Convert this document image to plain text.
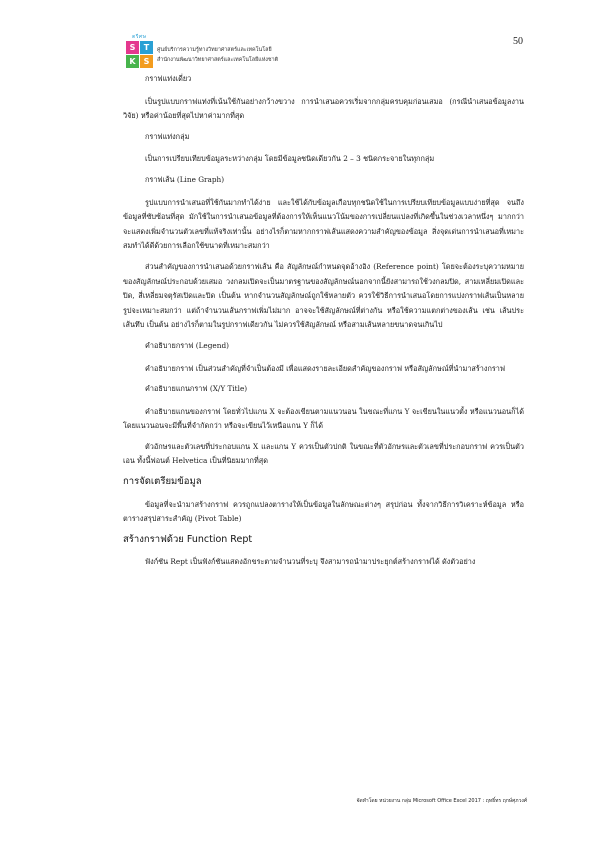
50
ตรีศษ
S	T
K	S
ศูนย์บริการความรู้ทางวิทยาศาสตร์และเทคโนโลยี
สำนักงานพัฒนาวิทยาศาสตร์และเทคโนโลยีแห่งชาติ

กราฟแท่งเดี่ยว

เป็นรูปแบบกราฟแท่งที่เน้นใช้กันอย่างกว้างขวาง การนำเสนอควรเริ่มจากกลุ่มครบคุมก่อนเสมอ (กรณีนำเสนอข้อมูลงานวิจัย) หรือค่าน้อยที่สุดไปหาค่ามากที่สุด

กราฟแท่งกลุ่ม

เป็นการเปรียบเทียบข้อมูลระหว่างกลุ่ม โดยมีข้อมูลชนิดเดียวกัน 2 – 3 ชนิดกระจายในทุกกลุ่ม

กราฟเส้น (Line Graph)

รูปแบบการนำเสนอที่ใช้กันมากทำได้ง่าย และใช้ได้กับข้อมูลเกือบทุกชนิดใช้ในการเปรียบเทียบข้อมูลแบบง่ายที่สุด จนถึงข้อมูลที่ซับซ้อนที่สุด มักใช้ในการนำเสนอข้อมูลที่ต้องการให้เห็นแนวโน้มของการเปลี่ยนแปลงที่เกิดขึ้นในช่วงเวลาหนึ่งๆ มากกว่าจะแสดงเพิ่มจำนวนตัวเลขที่แท้จริงเท่านั้น อย่างไรก็ตามหากกราฟเส้นแสดงความสำคัญของข้อมูล สิ่งจุดเด่นการนำเสนอที่เหมาะสมทำได้ดีด้วยการเลือกใช้ขนาดที่เหมาะสมกว่า

ส่วนสำคัญของการนำเสนอด้วยกราฟเส้น คือ สัญลักษณ์กำหนดจุดอ้างอิง (Reference point) โดยจะต้องระบุความหมายของสัญลักษณ์ประกอบด้วยเสมอ วงกลมเปิดจะเป็นมาตรฐานของสัญลักษณ์นอกจากนี้ยังสามารถใช้วงกลมปิด, สามเหลี่ยมเปิดและปิด, สี่เหลี่ยมจตุรัสเปิดและปิด เป็นต้น หากจำนวนสัญลักษณ์ถูกใช้หลายตัว ควรใช้วิธีการนำเสนอโดยการแบ่งกราฟเส้นเป็นหลายรูปจะเหมาะสมกว่า แต่ถ้าจำนวนเส้นกราฟเพิ่มไม่มาก อาจจะใช้สัญลักษณ์ที่ต่างกัน หรือใช้ความแตกต่างของเส้น เช่น เส้นประ เส้นทึบ เป็นต้น อย่างไรก็ตามในรูปกราฟเดียวกัน ไม่ควรใช้สัญลักษณ์ หรือสามเส้นหลายขนาดจนเกินไป

คำอธิบายกราฟ (Legend)

คำอธิบายกราฟ เป็นส่วนสำคัญที่จำเป็นต้องมี เพื่อแสดงรายละเอียดสำคัญของกราฟ หรือสัญลักษณ์ที่นำมาสร้างกราฟ

คำอธิบายแกนกราฟ (X/Y Title)

คำอธิบายแกนของกราฟ โดยทั่วไปแกน X จะต้องเขียนตามแนวนอน ในขณะที่แกน Y จะเขียนในแนวตั้ง หรือแนวนอนก็ได้ โดยแนวนอนจะมีพื้นที่จำกัดกว่า หรือจะเขียนไว้เหนือแกน Y ก็ได้

ตัวอักษรและตัวเลขที่ประกอบแกน X และแกน Y ควรเป็นตัวปกติ ในขณะที่ตัวอักษรและตัวเลขที่ประกอบกราฟ ควรเป็นตัวเอน ทั้งนี้ฟอนต์ Helvetica เป็นที่นิยมมากที่สุด

การจัดเตรียมข้อมูล

ข้อมูลที่จะนำมาสร้างกราฟ ควรถูกแปลงตารางให้เป็นข้อมูลในลักษณะต่างๆ สรุปก่อน ทั้งจากวิธีการวิเคราะห์ข้อมูล หรือตารางสรุปสาระสำคัญ (Pivot Table)

สร้างกราฟด้วย Function Rept

ฟังก์ชัน Rept เป็นฟังก์ชันแสดงอักขระตามจำนวนที่ระบุ จึงสามารถนำมาประยุกต์สร้างกราฟได้ ดังตัวอย่าง

จัดทำโดย หน่วยงาน กลุ่ม Microsoft Office Excel 2017 : ฤทธิ์ทร ฤกษ์ศุภวงศ์
